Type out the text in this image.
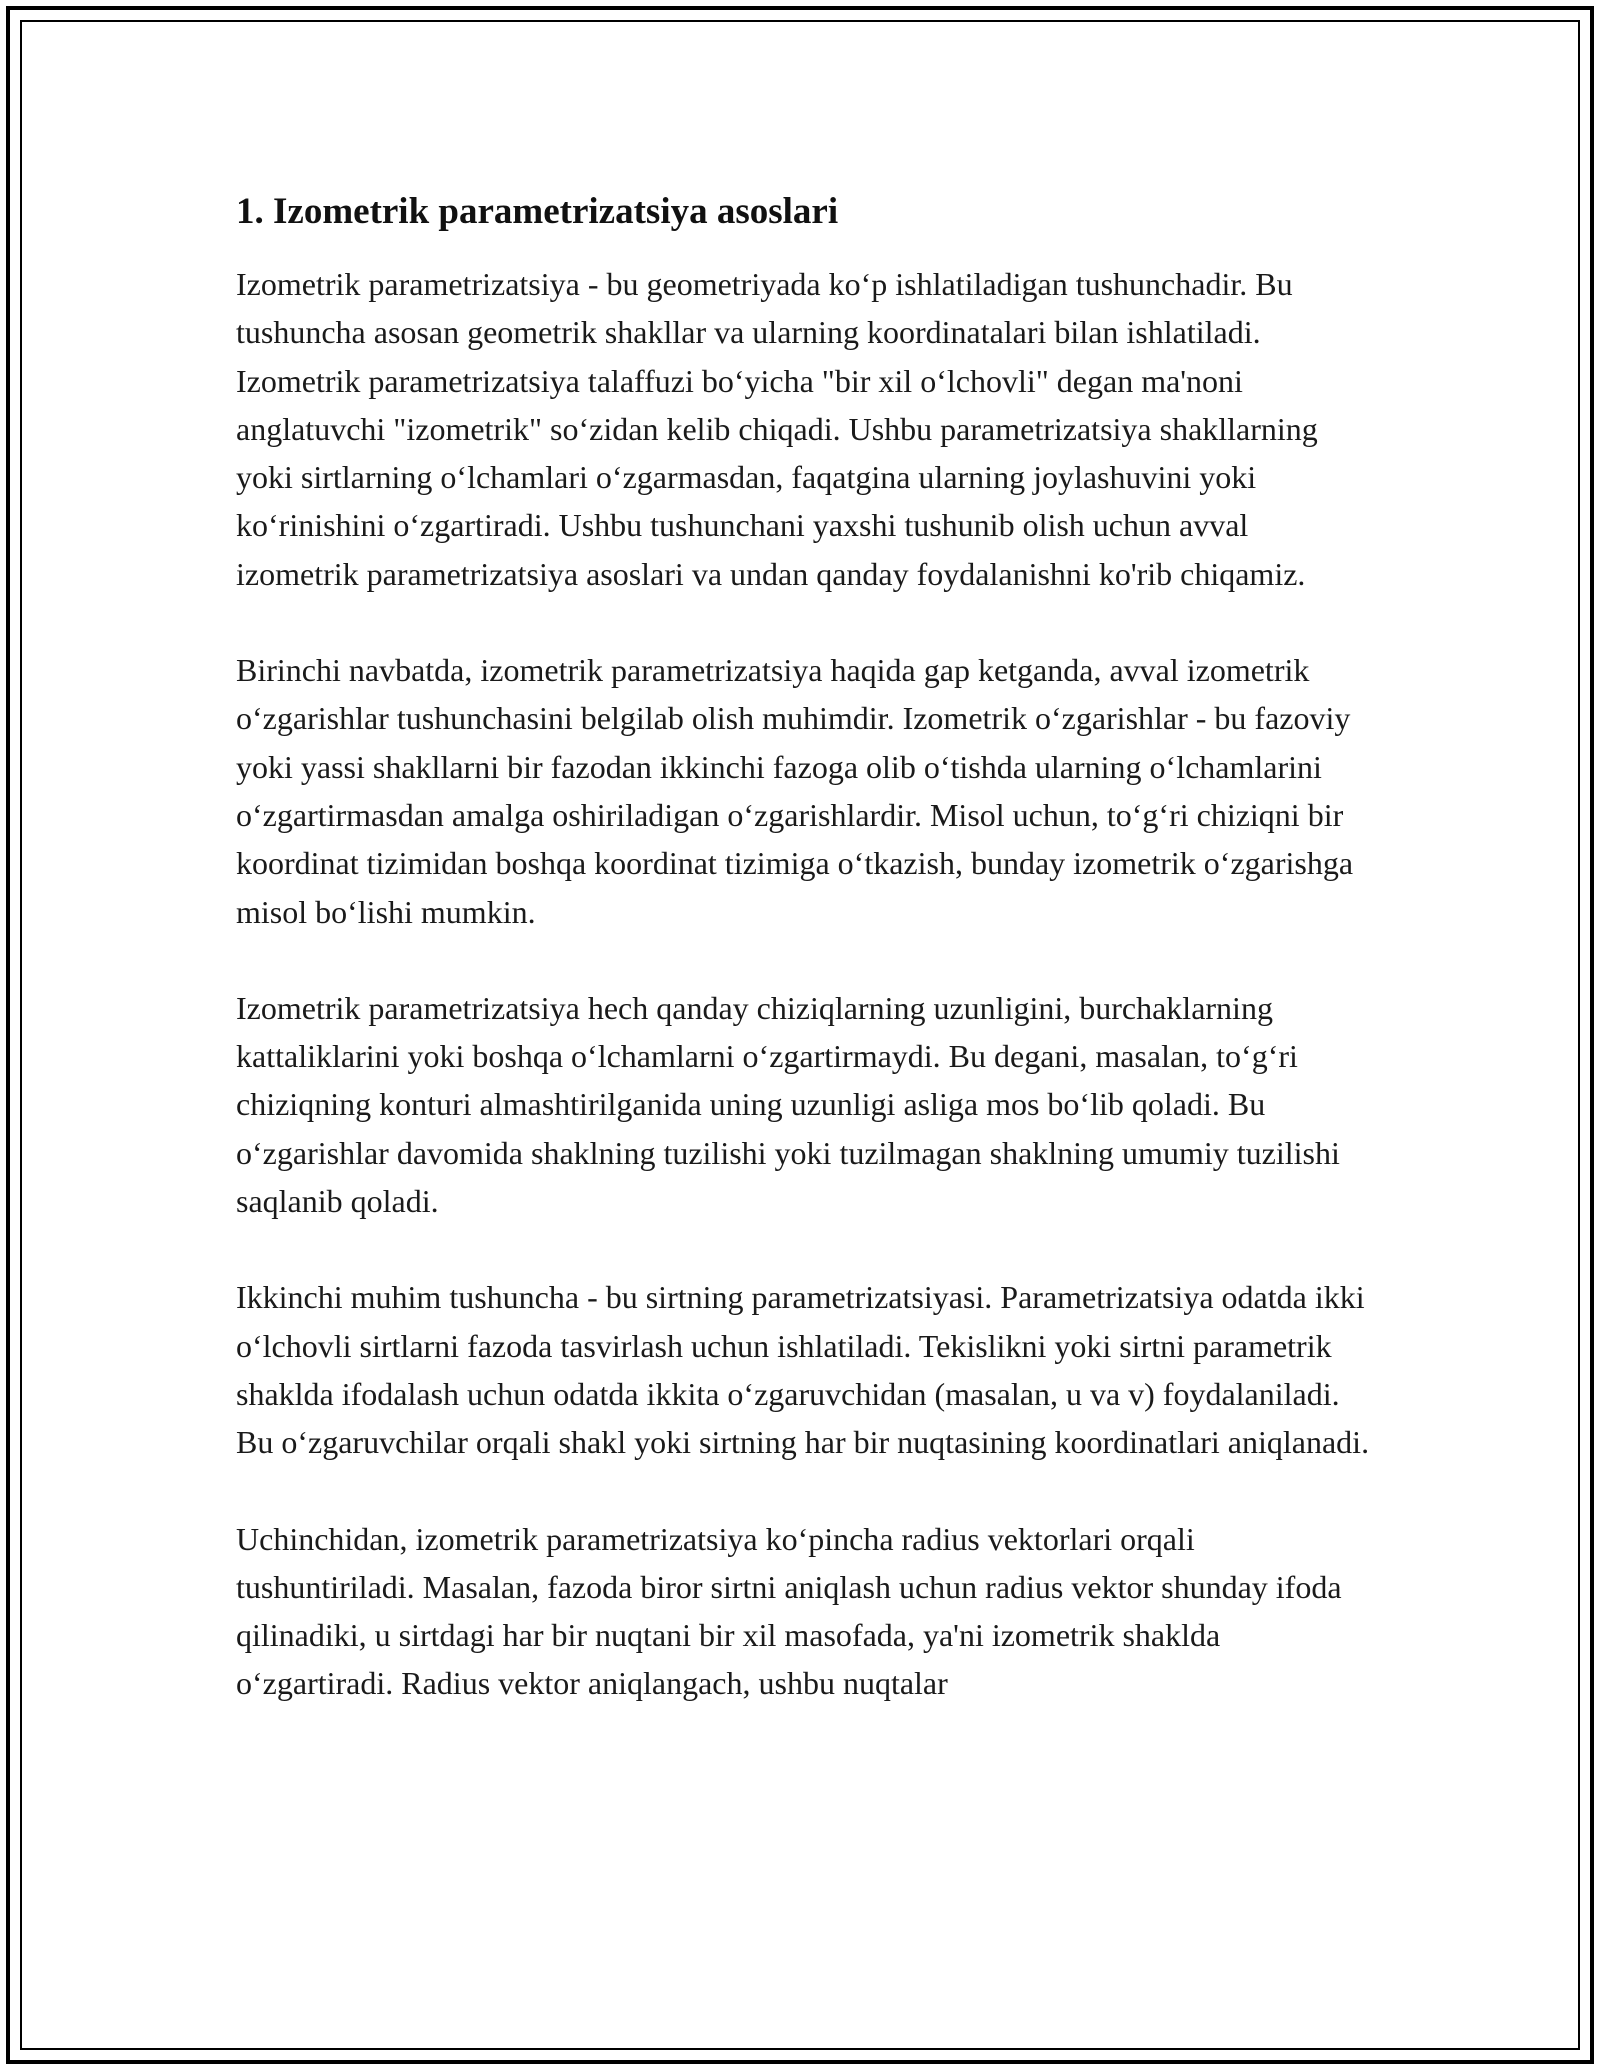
1. Izometrik parametrizatsiya asoslari

Izometrik parametrizatsiya - bu geometriyada ko‘p ishlatiladigan tushunchadir. Bu tushuncha asosan geometrik shakllar va ularning koordinatalari bilan ishlatiladi. Izometrik parametrizatsiya talaffuzi bo‘yicha "bir xil o‘lchovli" degan ma'noni anglatuvchi "izometrik" so‘zidan kelib chiqadi. Ushbu parametrizatsiya shakllarning yoki sirtlarning o‘lchamlari o‘zgarmasdan, faqatgina ularning joylashuvini yoki ko‘rinishini o‘zgartiradi. Ushbu tushunchani yaxshi tushunib olish uchun avval izometrik parametrizatsiya asoslari va undan qanday foydalanishni ko'rib chiqamiz.

Birinchi navbatda, izometrik parametrizatsiya haqida gap ketganda, avval izometrik o‘zgarishlar tushunchasini belgilab olish muhimdir. Izometrik o‘zgarishlar - bu fazoviy yoki yassi shakllarni bir fazodan ikkinchi fazoga olib o‘tishda ularning o‘lchamlarini o‘zgartirmasdan amalga oshiriladigan o‘zgarishlardir. Misol uchun, to‘g‘ri chiziqni bir koordinat tizimidan boshqa koordinat tizimiga o‘tkazish, bunday izometrik o‘zgarishga misol bo‘lishi mumkin.

Izometrik parametrizatsiya hech qanday chiziqlarning uzunligini, burchaklarning kattaliklarini yoki boshqa o‘lchamlarni o‘zgartirmaydi. Bu degani, masalan, to‘g‘ri chiziqning konturi almashtirilganida uning uzunligi asliga mos bo‘lib qoladi. Bu o‘zgarishlar davomida shaklning tuzilishi yoki tuzilmagan shaklning umumiy tuzilishi saqlanib qoladi.

Ikkinchi muhim tushuncha - bu sirtning parametrizatsiyasi. Parametrizatsiya odatda ikki o‘lchovli sirtlarni fazoda tasvirlash uchun ishlatiladi. Tekislikni yoki sirtni parametrik shaklda ifodalash uchun odatda ikkita o‘zgaruvchidan (masalan, u va v) foydalaniladi. Bu o‘zgaruvchilar orqali shakl yoki sirtning har bir nuqtasining koordinatlari aniqlanadi.

Uchinchidan, izometrik parametrizatsiya ko‘pincha radius vektorlari orqali tushuntiriladi. Masalan, fazoda biror sirtni aniqlash uchun radius vektor shunday ifoda qilinadiki, u sirtdagi har bir nuqtani bir xil masofada, ya'ni izometrik shaklda o‘zgartiradi. Radius vektor aniqlangach, ushbu nuqtalar
